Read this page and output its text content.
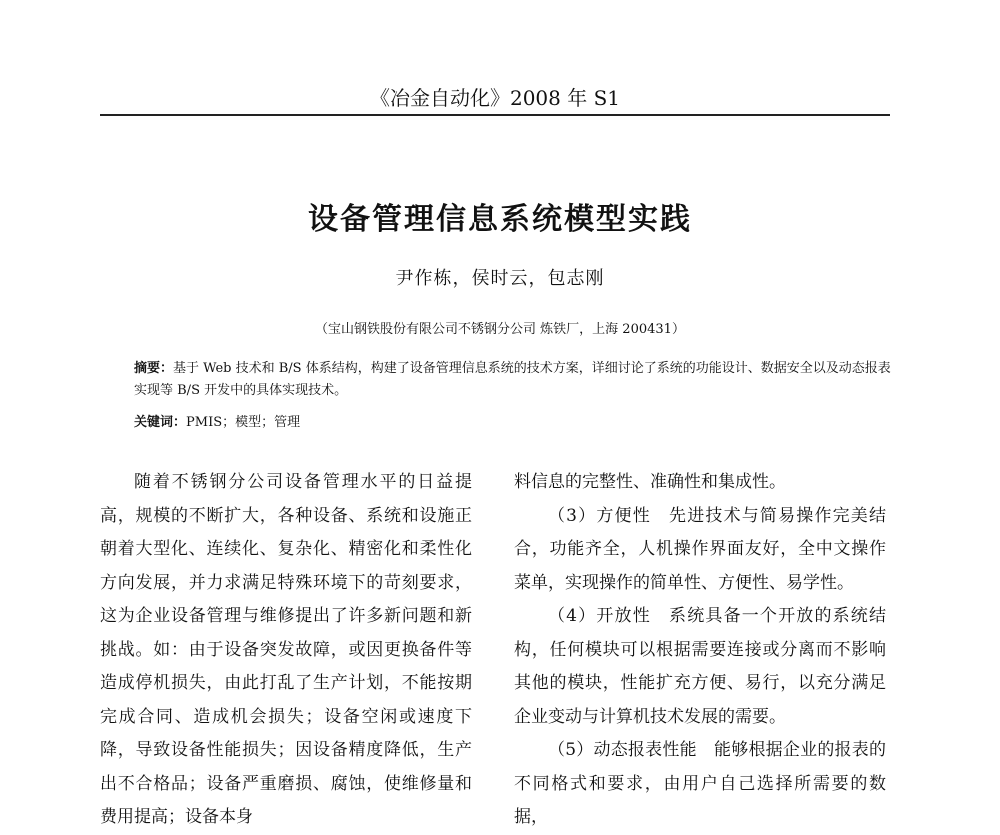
《冶金自动化》2008 年 S1
设备管理信息系统模型实践
尹作栋，侯时云，包志刚
（宝山钢铁股份有限公司不锈钢分公司 炼铁厂，上海 200431）
摘要：基于 Web 技术和 B/S 体系结构，构建了设备管理信息系统的技术方案，详细讨论了系统的功能设计、数据安全以及动态报表实现等 B/S 开发中的具体实现技术。
关键词：PMIS；模型；管理

随着不锈钢分公司设备管理水平的日益提高，规模的不断扩大，各种设备、系统和设施正朝着大型化、连续化、复杂化、精密化和柔性化方向发展，并力求满足特殊环境下的苛刻要求，这为企业设备管理与维修提出了许多新问题和新挑战。如：由于设备突发故障，或因更换备件等造成停机损失，由此打乱了生产计划，不能按期完成合同、造成机会损失；设备空闲或速度下降，导致设备性能损失；因设备精度降低，生产出不合格品；设备严重磨损、腐蚀，使维修量和费用提高；设备本身

料信息的完整性、准确性和集成性。

（3）方便性　先进技术与简易操作完美结合，功能齐全，人机操作界面友好，全中文操作菜单，实现操作的简单性、方便性、易学性。

（4）开放性　系统具备一个开放的系统结构，任何模块可以根据需要连接或分离而不影响其他的模块，性能扩充方便、易行，以充分满足企业变动与计算机技术发展的需要。

（5）动态报表性能　能够根据企业的报表的不同格式和要求，由用户自己选择所需要的数据，
